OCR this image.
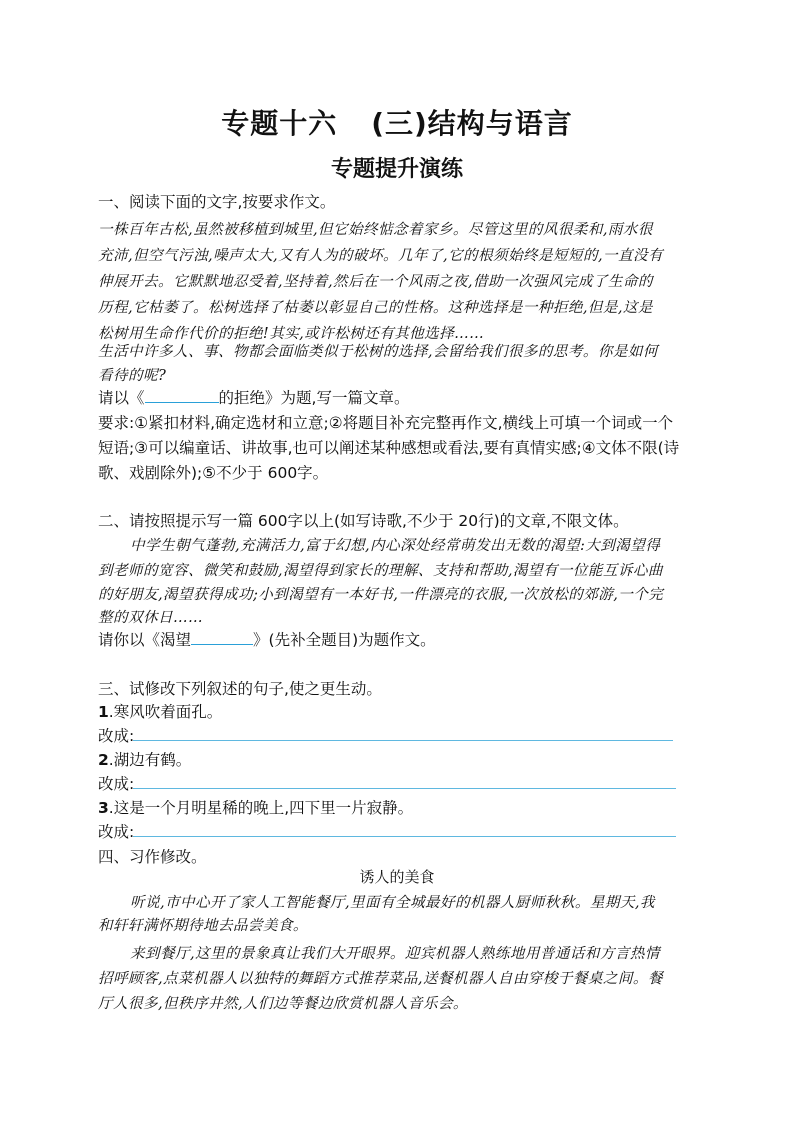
专题十六 (三)结构与语言
专题提升演练
一、阅读下面的文字,按要求作文。
一株百年古松,虽然被移植到城里,但它始终惦念着家乡。尽管这里的风很柔和,雨水很
充沛,但空气污浊,噪声太大,又有人为的破坏。几年了,它的根须始终是短短的,一直没有
伸展开去。它默默地忍受着,坚持着,然后在一个风雨之夜,借助一次强风完成了生命的
历程,它枯萎了。松树选择了枯萎以彰显自己的性格。这种选择是一种拒绝,但是,这是
松树用生命作代价的拒绝!其实,或许松树还有其他选择……
生活中许多人、事、物都会面临类似于松树的选择,会留给我们很多的思考。你是如何
看待的呢?
请以《	的拒绝》为题,写一篇文章。
要求:①紧扣材料,确定选材和立意;②将题目补充完整再作文,横线上可填一个词或一个
短语;③可以编童话、讲故事,也可以阐述某种感想或看法,要有真情实感;④文体不限(诗
歌、戏剧除外);⑤不少于 600字。
二、请按照提示写一篇 600字以上(如写诗歌,不少于 20行)的文章,不限文体。
中学生朝气蓬勃,充满活力,富于幻想,内心深处经常萌发出无数的渴望:大到渴望得
到老师的宽容、微笑和鼓励,渴望得到家长的理解、支持和帮助,渴望有一位能互诉心曲
的好朋友,渴望获得成功;小到渴望有一本好书,一件漂亮的衣服,一次放松的郊游,一个完
整的双休日……
请你以《渴望	》(先补全题目)为题作文。
三、试修改下列叙述的句子,使之更生动。
1.寒风吹着面孔。
改成:
2.湖边有鹤。
改成:
3.这是一个月明星稀的晚上,四下里一片寂静。
改成:
四、习作修改。
诱人的美食
听说,市中心开了家人工智能餐厅,里面有全城最好的机器人厨师秋秋。星期天,我
和轩轩满怀期待地去品尝美食。
来到餐厅,这里的景象真让我们大开眼界。迎宾机器人熟练地用普通话和方言热情
招呼顾客,点菜机器人以独特的舞蹈方式推荐菜品,送餐机器人自由穿梭于餐桌之间。餐
厅人很多,但秩序井然,人们边等餐边欣赏机器人音乐会。
